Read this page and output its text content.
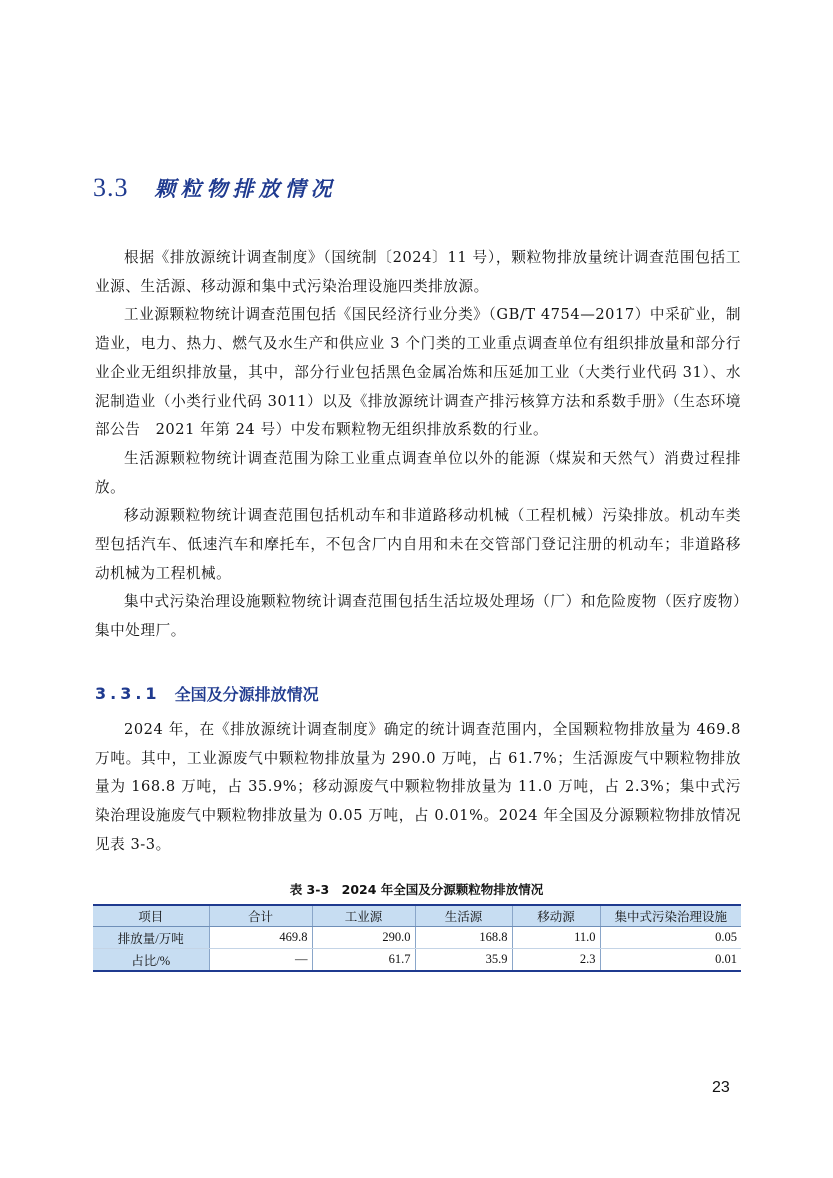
3.3 颗粒物排放情况

根据《排放源统计调查制度》（国统制〔2024〕11 号），颗粒物排放量统计调查范围包括工业源、生活源、移动源和集中式污染治理设施四类排放源。

工业源颗粒物统计调查范围包括《国民经济行业分类》（GB/T 4754—2017）中采矿业，制造业，电力、热力、燃气及水生产和供应业 3 个门类的工业重点调查单位有组织排放量和部分行业企业无组织排放量，其中，部分行业包括黑色金属冶炼和压延加工业（大类行业代码 31）、水泥制造业（小类行业代码 3011）以及《排放源统计调查产排污核算方法和系数手册》（生态环境部公告　2021 年第 24 号）中发布颗粒物无组织排放系数的行业。

生活源颗粒物统计调查范围为除工业重点调查单位以外的能源（煤炭和天然气）消费过程排放。

移动源颗粒物统计调查范围包括机动车和非道路移动机械（工程机械）污染排放。机动车类型包括汽车、低速汽车和摩托车，不包含厂内自用和未在交管部门登记注册的机动车；非道路移动机械为工程机械。

集中式污染治理设施颗粒物统计调查范围包括生活垃圾处理场（厂）和危险废物（医疗废物）集中处理厂。

3.3.1 全国及分源排放情况

2024 年，在《排放源统计调查制度》确定的统计调查范围内，全国颗粒物排放量为 469.8 万吨。其中，工业源废气中颗粒物排放量为 290.0 万吨，占 61.7%；生活源废气中颗粒物排放量为 168.8 万吨，占 35.9%；移动源废气中颗粒物排放量为 11.0 万吨，占 2.3%；集中式污染治理设施废气中颗粒物排放量为 0.05 万吨，占 0.01%。2024 年全国及分源颗粒物排放情况见表 3-3。

表 3-3　2024 年全国及分源颗粒物排放情况
项目	合计	工业源	生活源	移动源	集中式污染治理设施
排放量/万吨	469.8	290.0	168.8	11.0	0.05
占比/%	—	61.7	35.9	2.3	0.01
23
